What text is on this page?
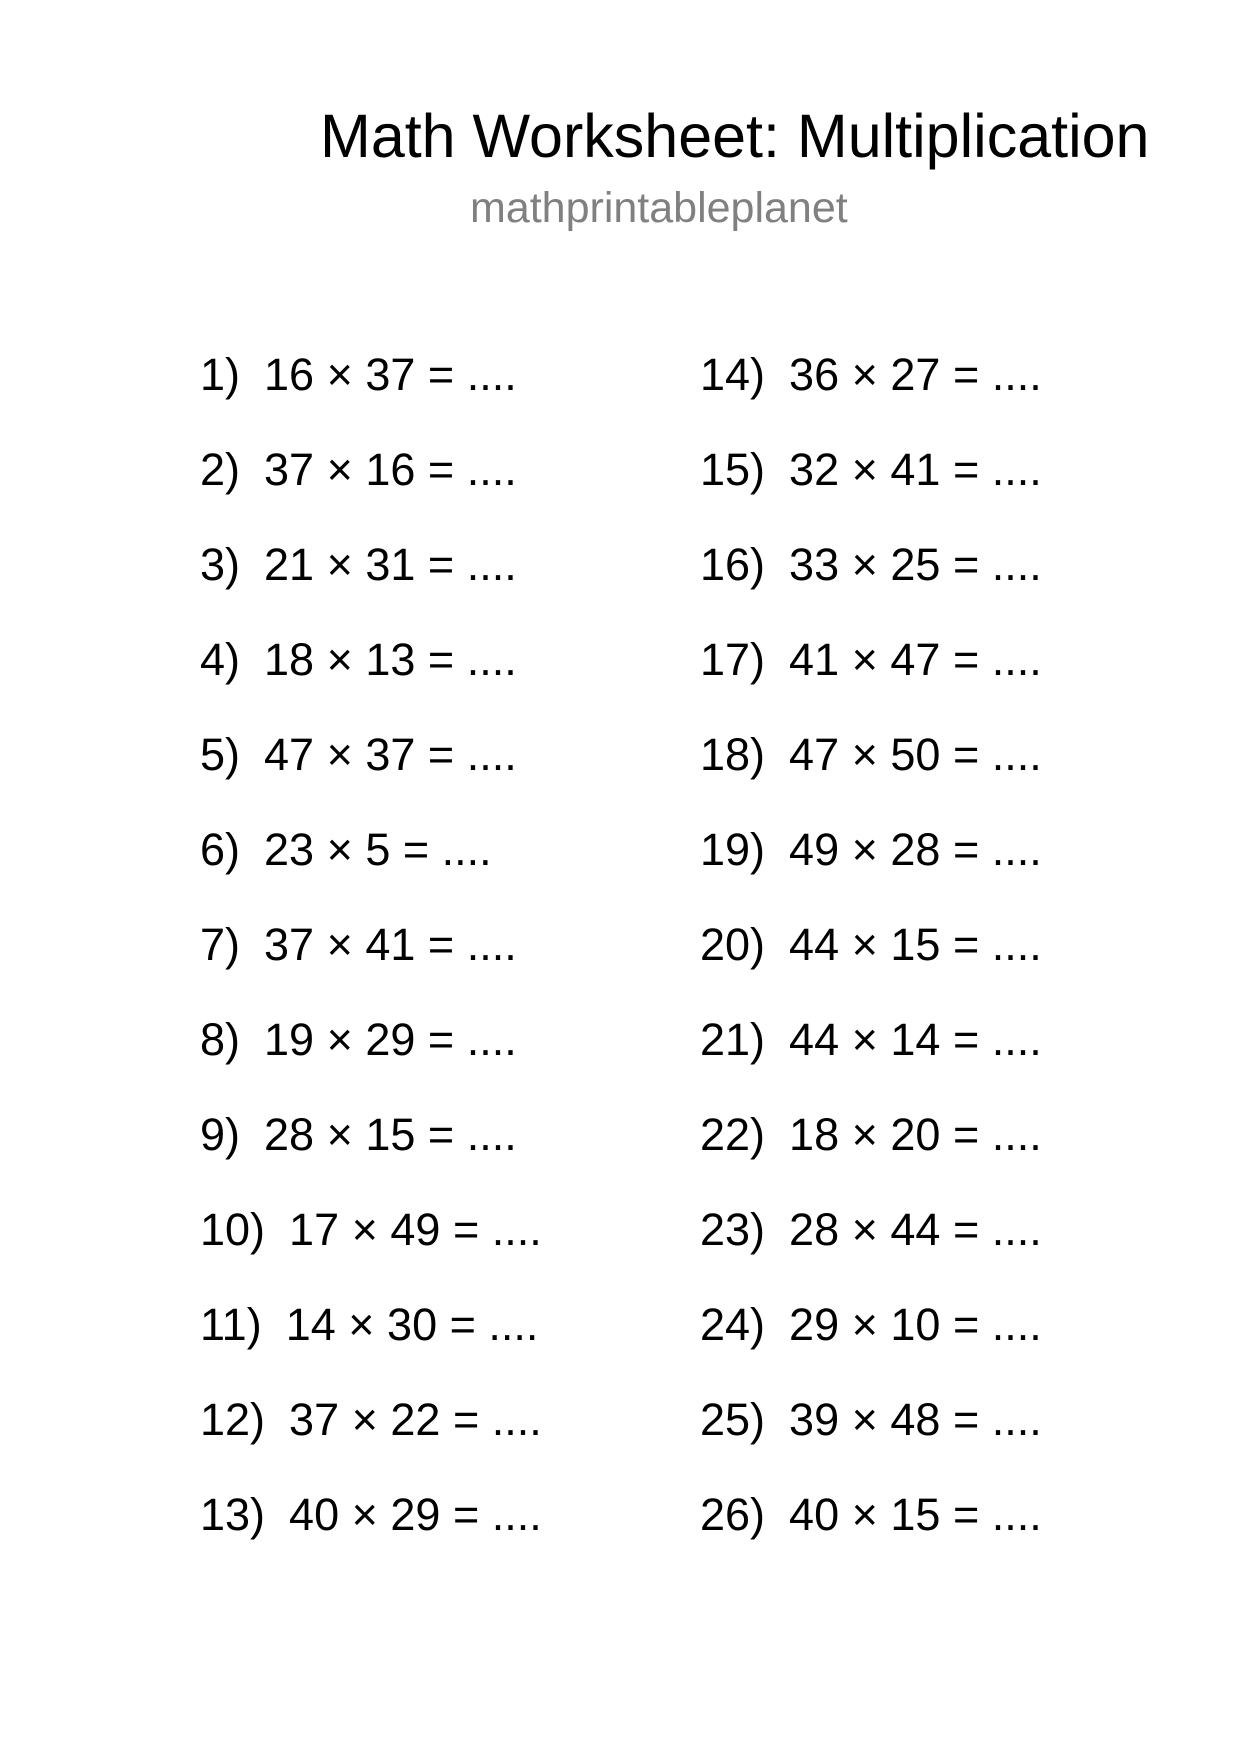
Math Worksheet: Multiplication
mathprintableplanet
1) 16 × 37 = ....
2) 37 × 16 = ....
3) 21 × 31 = ....
4) 18 × 13 = ....
5) 47 × 37 = ....
6) 23 × 5 = ....
7) 37 × 41 = ....
8) 19 × 29 = ....
9) 28 × 15 = ....
10) 17 × 49 = ....
11) 14 × 30 = ....
12) 37 × 22 = ....
13) 40 × 29 = ....
14) 36 × 27 = ....
15) 32 × 41 = ....
16) 33 × 25 = ....
17) 41 × 47 = ....
18) 47 × 50 = ....
19) 49 × 28 = ....
20) 44 × 15 = ....
21) 44 × 14 = ....
22) 18 × 20 = ....
23) 28 × 44 = ....
24) 29 × 10 = ....
25) 39 × 48 = ....
26) 40 × 15 = ....
